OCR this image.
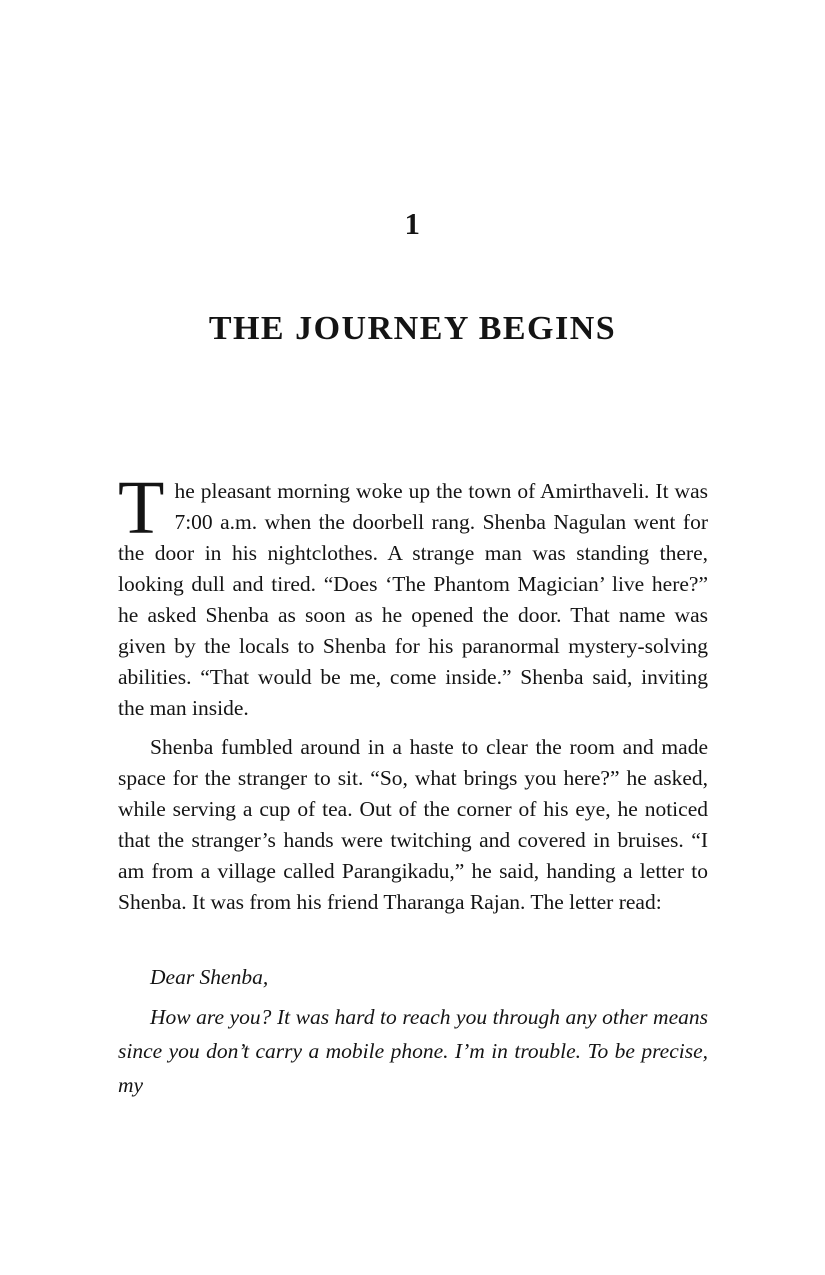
1
THE JOURNEY BEGINS

The pleasant morning woke up the town of Amirthaveli. It was 7:00 a.m. when the doorbell rang. Shenba Nagulan went for the door in his nightclothes. A strange man was standing there, looking dull and tired. “Does ‘The Phantom Magician’ live here?” he asked Shenba as soon as he opened the door. That name was given by the locals to Shenba for his paranormal mystery-solving abilities. “That would be me, come inside.” Shenba said, inviting the man inside.

Shenba fumbled around in a haste to clear the room and made space for the stranger to sit. “So, what brings you here?” he asked, while serving a cup of tea. Out of the corner of his eye, he noticed that the stranger’s hands were twitching and covered in bruises. “I am from a village called Parangikadu,” he said, handing a letter to Shenba. It was from his friend Tharanga Rajan. The letter read:

Dear Shenba,

How are you? It was hard to reach you through any other means since you don’t carry a mobile phone. I’m in trouble. To be precise, my
